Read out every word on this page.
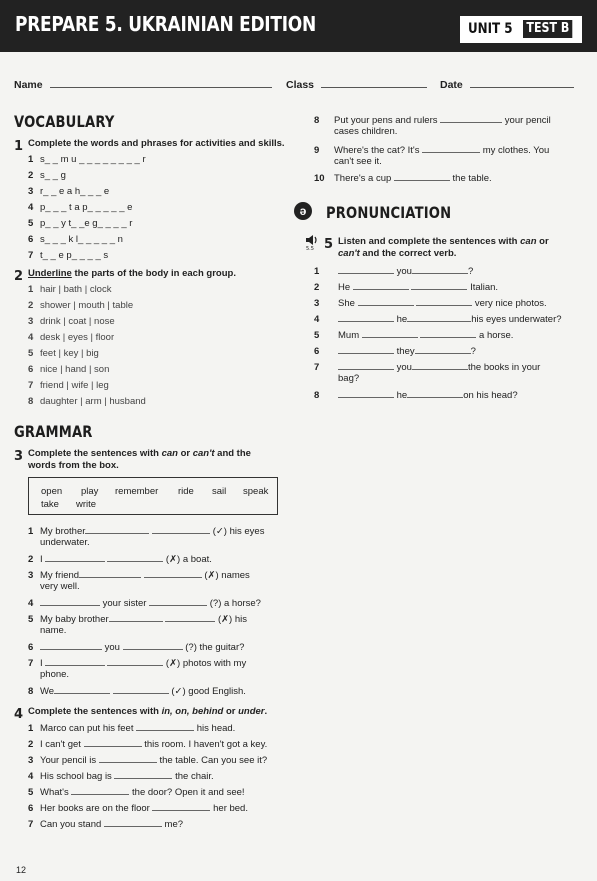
PREPARE 5. UKRAINIAN EDITION	UNIT 5 TEST B
Name	Class	Date
VOCABULARY
1 Complete the words and phrases for activities and skills.
1 s_ _ m u _ _ _ _ _ _ _ _ r
2 s_ _ g
3 r_ _ e a h_ _ _ e
4 p_ _ _ t a p_ _ _ _ _ e
5 p_ _ y t_ _e g_ _ _ _ r
6 s_ _ _ k l_ _ _ _ _ n
7 t_ _ e p_ _ _ _ s
2 Underline the parts of the body in each group.
1 hair | bath | clock
2 shower | mouth | table
3 drink | coat | nose
4 desk | eyes | floor
5 feet | key | big
6 nice | hand | son
7 friend | wife | leg
8 daughter | arm | husband
8 Put your pens and rulers	your pencil
cases children.
9 Where's the cat? It's	my clothes. You
can't see it.
10 There's a cup	the table.
ə	PRONUNCIATION
5.5 5 Listen and complete the sentences with can or
can't and the correct verb.
1	you	?
2 He	Italian.
3 She	very nice photos.
4	he	his eyes underwater?
5 Mum	a horse.
6	they	?
7	you	the books in your
bag?
8	he	on his head?
GRAMMAR
3 Complete the sentences with can or can't and the
words from the box.
open play remember ride sail speak
take write
1 My brother	(✓) his eyes
underwater.
2 I	(✗) a boat.
3 My friend	(✗) names
very well.
4	your sister	(?) a horse?
5 My baby brother	(✗) his
name.
6	you	(?) the guitar?
7 I	(✗) photos with my
phone.
8 We	(✓) good English.
4 Complete the sentences with in, on, behind or under.
1 Marco can put his feet	his head.
2 I can't get	this room. I haven't got a key.
3 Your pencil is	the table. Can you see it?
4 His school bag is	the chair.
5 What's	the door? Open it and see!
6 Her books are on the floor	her bed.
7 Can you stand	me?
12
